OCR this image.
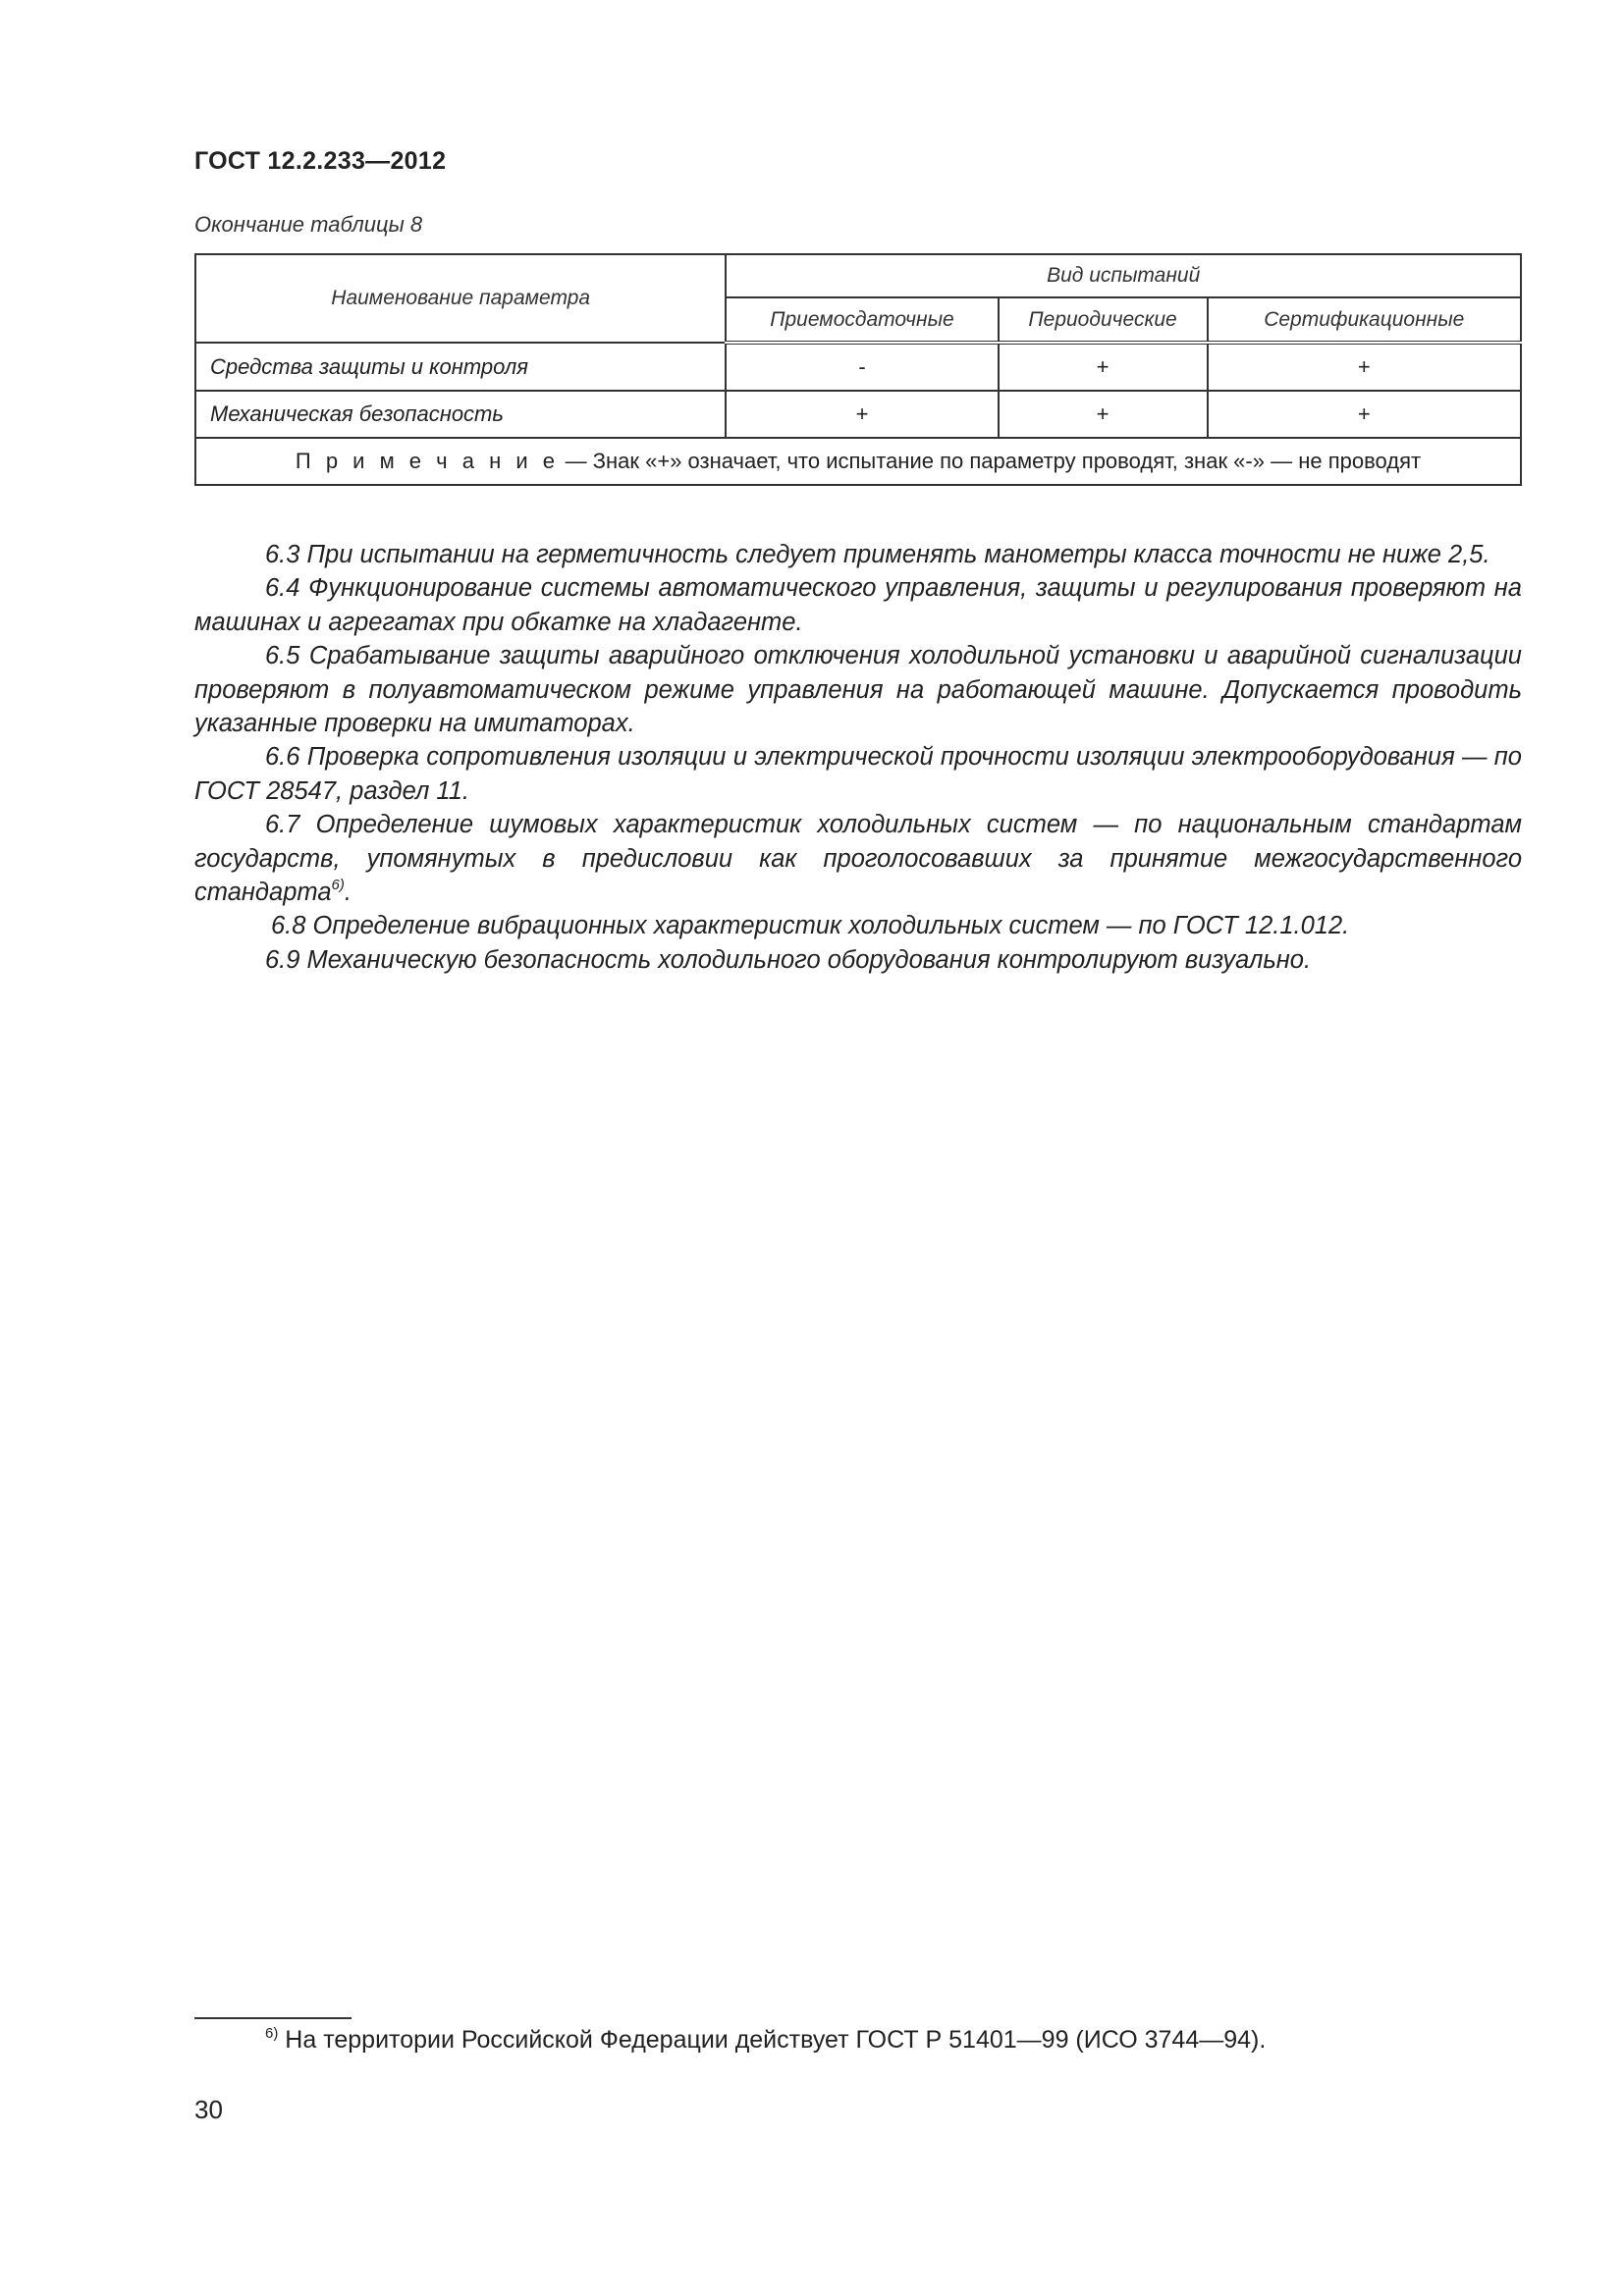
ГОСТ 12.2.233—2012
Окончание таблицы 8
Наименование параметра	Вид испытаний		
	Приемосдаточные	Периодические	Сертификационные
Средства защиты и контроля	-	+	+
Механическая безопасность	+	+	+
П р и м е ч а н и е — Знак «+» означает, что испытание по параметру проводят, знак «-» — не проводят			

6.3 При испытании на герметичность следует применять манометры класса точности не ниже 2,5.

6.4 Функционирование системы автоматического управления, защиты и регулирования проверяют на машинах и агрегатах при обкатке на хладагенте.

6.5 Срабатывание защиты аварийного отключения холодильной установки и аварийной сигнализации проверяют в полуавтоматическом режиме управления на работающей машине. Допускается проводить указанные проверки на имитаторах.

6.6 Проверка сопротивления изоляции и электрической прочности изоляции электрооборудования — по ГОСТ 28547, раздел 11.

6.7 Определение шумовых характеристик холодильных систем — по национальным стандартам государств, упомянутых в предисловии как проголосовавших за принятие межгосударственного стандарта$^{6)}$.

6.8 Определение вибрационных характеристик холодильных систем — по ГОСТ 12.1.012.

6.9 Механическую безопасность холодильного оборудования контролируют визуально.

$^{6)}$ На территории Российской Федерации действует ГОСТ Р 51401—99 (ИСО 3744—94).
30
